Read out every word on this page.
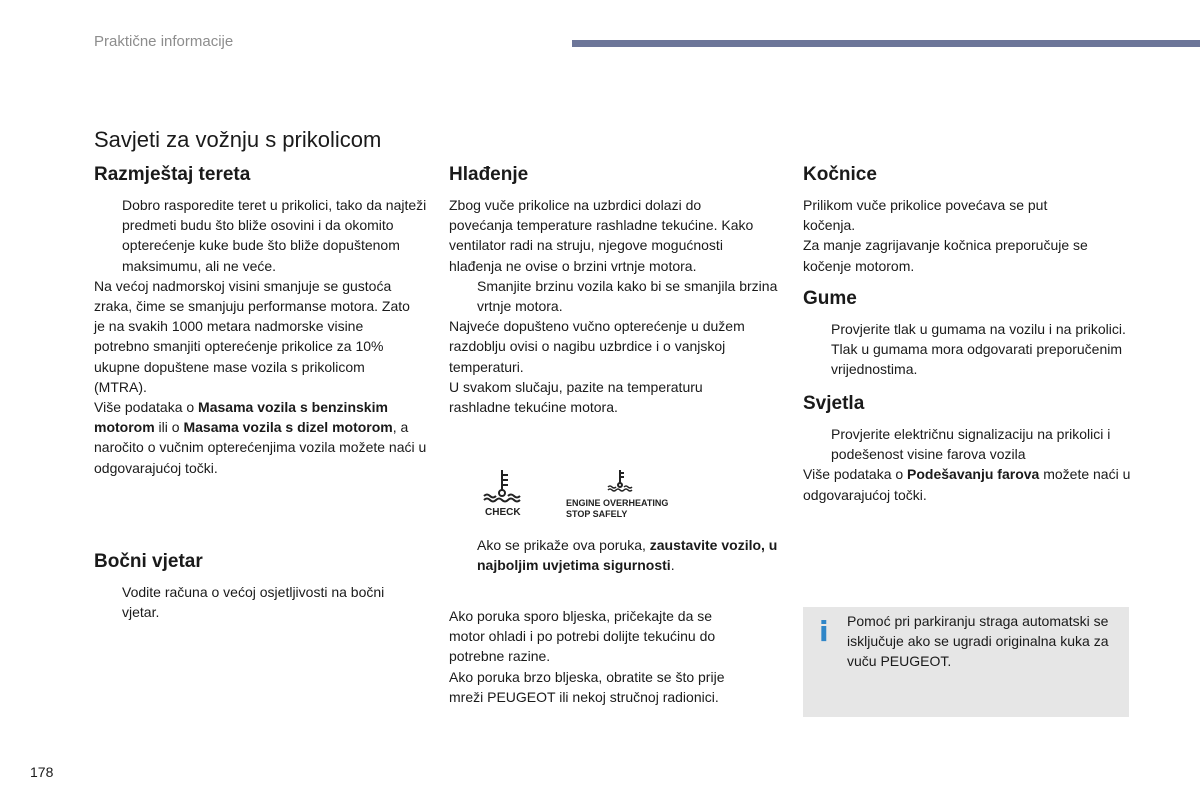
Praktične informacije
Savjeti za vožnju s prikolicom
Razmještaj tereta

Dobro rasporedite teret u prikolici, tako da najteži predmeti budu što bliže osovini i da okomito opterećenje kuke bude što bliže dopuštenom maksimumu, ali ne veće.

Na većoj nadmorskoj visini smanjuje se gustoća zraka, čime se smanjuju performanse motora. Zato je na svakih 1000 metara nadmorske visine potrebno smanjiti opterećenje prikolice za 10% ukupne dopuštene mase vozila s prikolicom (MTRA).

Više podataka o Masama vozila s benzinskim motorom ili o Masama vozila s dizel motorom, a naročito o vučnim opterećenjima vozila možete naći u odgovarajućoj točki.

Bočni vjetar

Vodite računa o većoj osjetljivosti na bočni vjetar.

Hlađenje

Zbog vuče prikolice na uzbrdici dolazi do povećanja temperature rashladne tekućine. Kako ventilator radi na struju, njegove mogućnosti hlađenja ne ovise o brzini vrtnje motora.

Smanjite brzinu vozila kako bi se smanjila brzina vrtnje motora.

Najveće dopušteno vučno opterećenje u dužem razdoblju ovisi o nagibu uzbrdice i o vanjskoj temperaturi.

U svakom slučaju, pazite na temperaturu rashladne tekućine motora.

CHECK
ENGINE OVERHEATING
STOP SAFELY

Ako se prikaže ova poruka, zaustavite vozilo, u najboljim uvjetima sigurnosti.

Ako poruka sporo bljeska, pričekajte da se motor ohladi i po potrebi dolijte tekućinu do potrebne razine.

Ako poruka brzo bljeska, obratite se što prije mreži PEUGEOT ili nekoj stručnoj radionici.

Kočnice

Prilikom vuče prikolice povećava se put kočenja.

Za manje zagrijavanje kočnica preporučuje se kočenje motorom.

Gume

Provjerite tlak u gumama na vozilu i na prikolici. Tlak u gumama mora odgovarati preporučenim vrijednostima.

Svjetla

Provjerite električnu signalizaciju na prikolici i podešenost visine farova vozila

Više podataka o Podešavanju farova možete naći u odgovarajućoj točki.

i Pomoć pri parkiranju straga automatski se isključuje ako se ugradi originalna kuka za vuču PEUGEOT.
178
